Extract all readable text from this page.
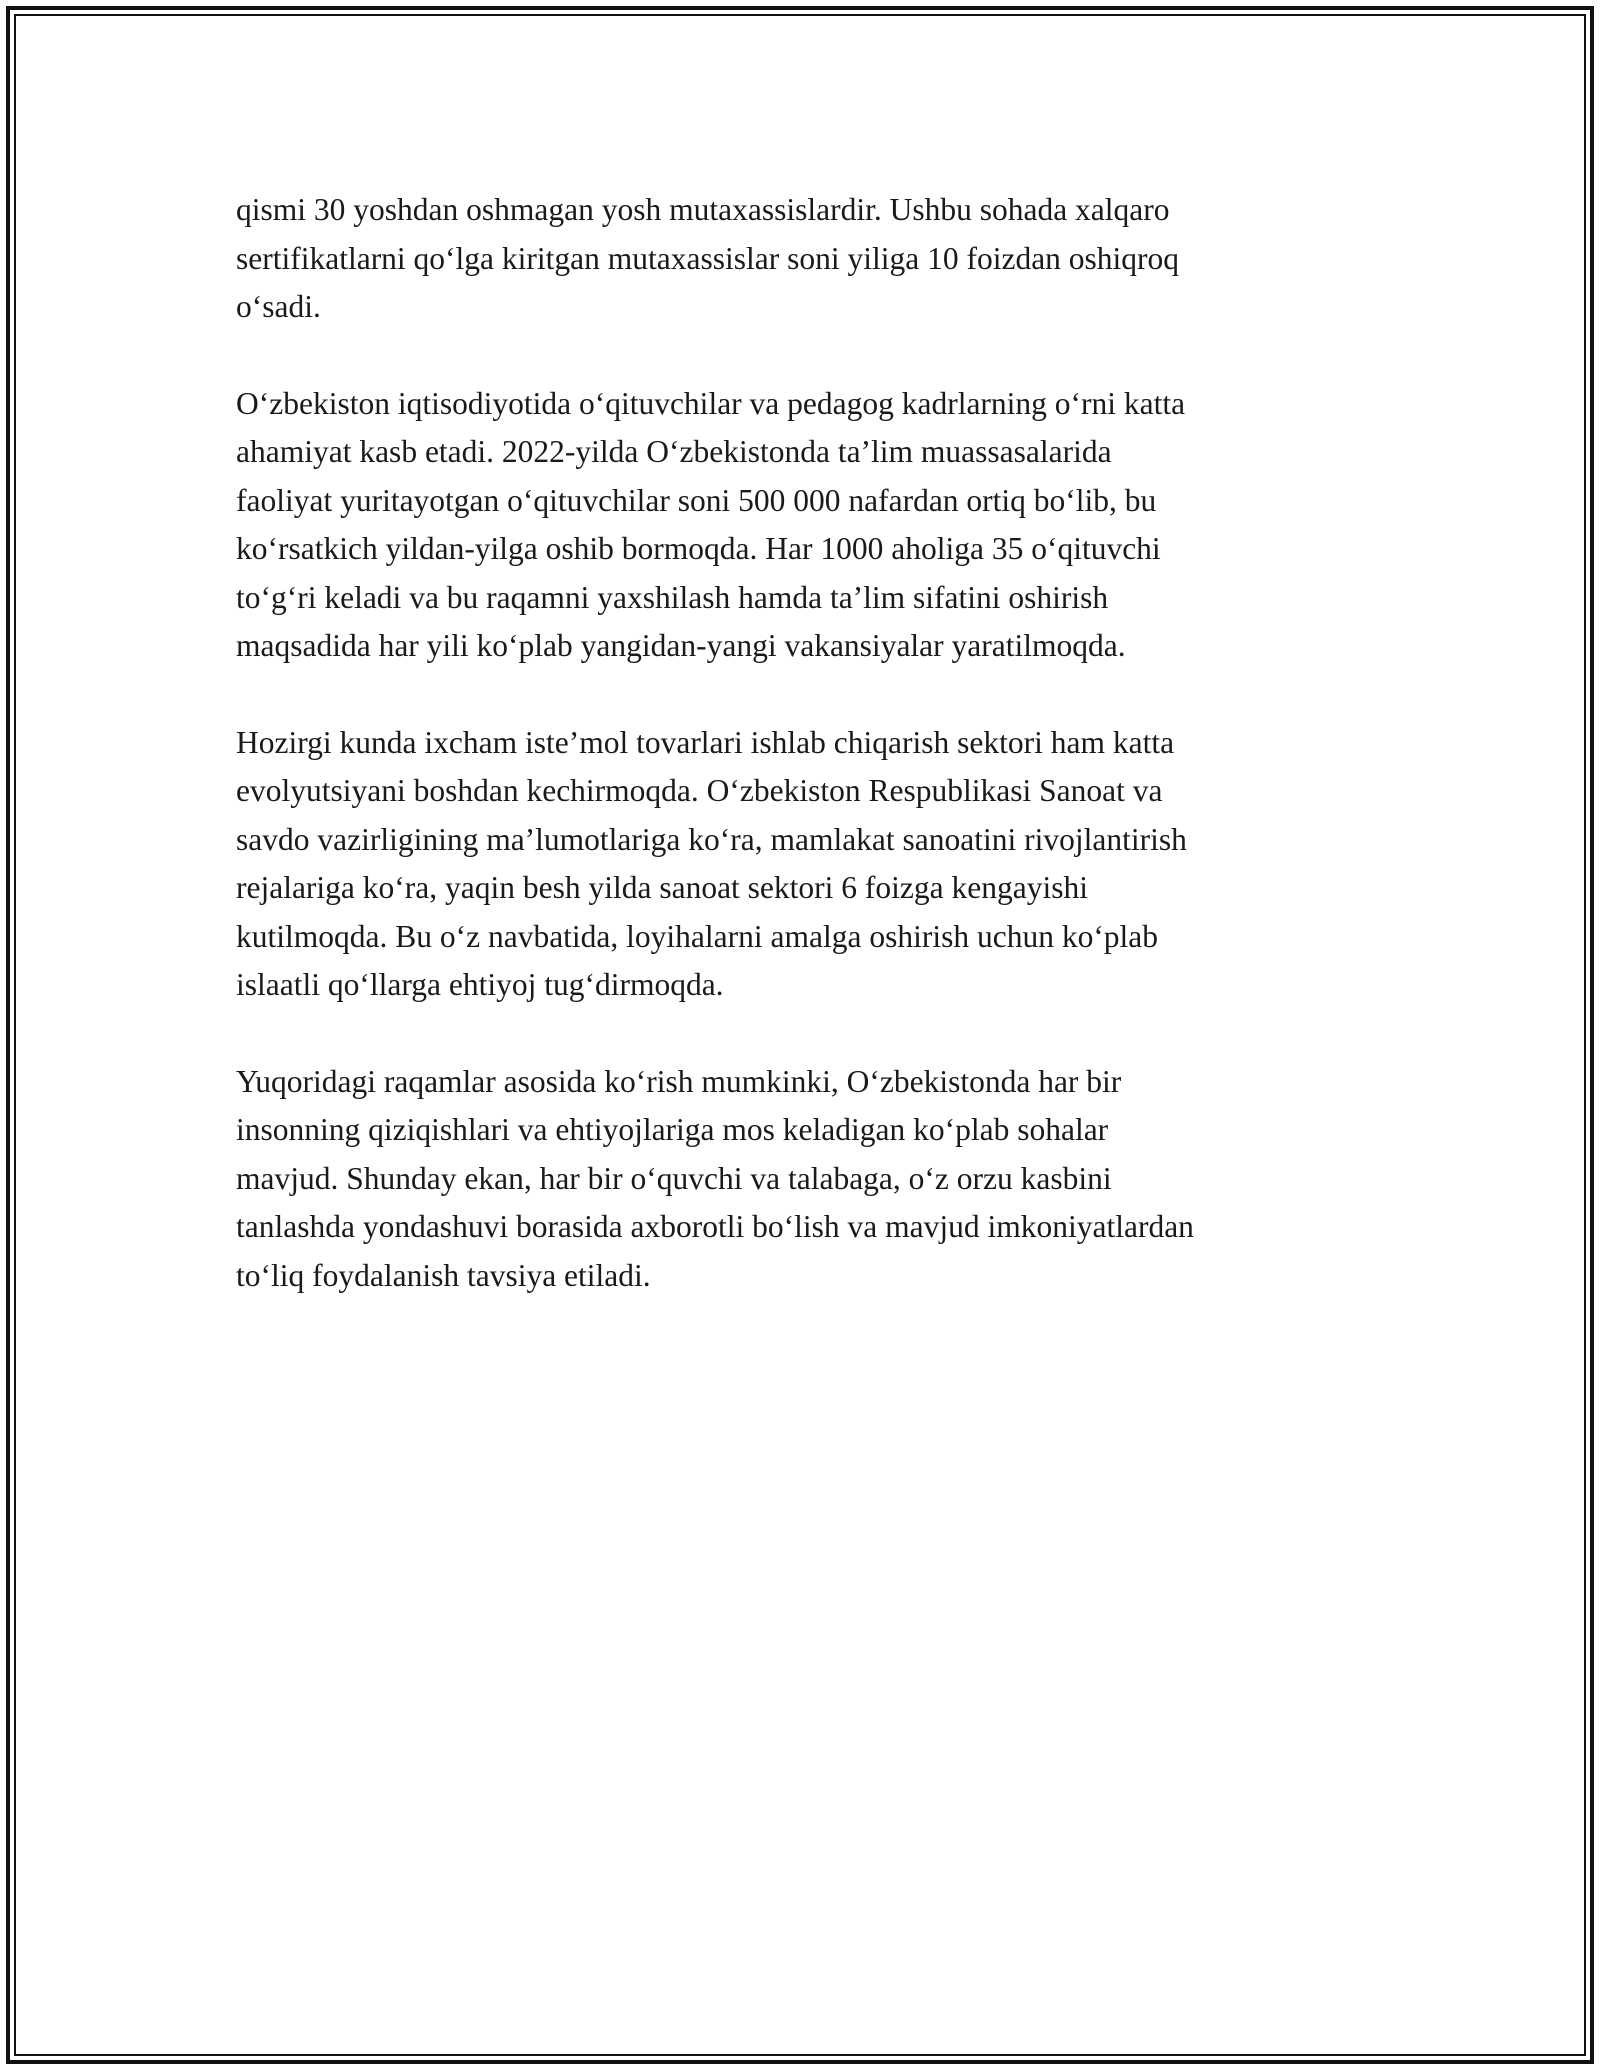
qismi 30 yoshdan oshmagan yosh mutaxassislardir. Ushbu sohada xalqaro
sertifikatlarni qo‘lga kiritgan mutaxassislar soni yiliga 10 foizdan oshiqroq
o‘sadi.

O‘zbekiston iqtisodiyotida o‘qituvchilar va pedagog kadrlarning o‘rni katta
ahamiyat kasb etadi. 2022-yilda O‘zbekistonda ta’lim muassasalarida
faoliyat yuritayotgan o‘qituvchilar soni 500 000 nafardan ortiq bo‘lib, bu
ko‘rsatkich yildan-yilga oshib bormoqda. Har 1000 aholiga 35 o‘qituvchi
to‘g‘ri keladi va bu raqamni yaxshilash hamda ta’lim sifatini oshirish
maqsadida har yili ko‘plab yangidan-yangi vakansiyalar yaratilmoqda.

Hozirgi kunda ixcham iste’mol tovarlari ishlab chiqarish sektori ham katta
evolyutsiyani boshdan kechirmoqda. O‘zbekiston Respublikasi Sanoat va
savdo vazirligining ma’lumotlariga ko‘ra, mamlakat sanoatini rivojlantirish
rejalariga ko‘ra, yaqin besh yilda sanoat sektori 6 foizga kengayishi
kutilmoqda. Bu o‘z navbatida, loyihalarni amalga oshirish uchun ko‘plab
islaatli qo‘llarga ehtiyoj tug‘dirmoqda.

Yuqoridagi raqamlar asosida ko‘rish mumkinki, O‘zbekistonda har bir
insonning qiziqishlari va ehtiyojlariga mos keladigan ko‘plab sohalar
mavjud. Shunday ekan, har bir o‘quvchi va talabaga, o‘z orzu kasbini
tanlashda yondashuvi borasida axborotli bo‘lish va mavjud imkoniyatlardan
to‘liq foydalanish tavsiya etiladi.
